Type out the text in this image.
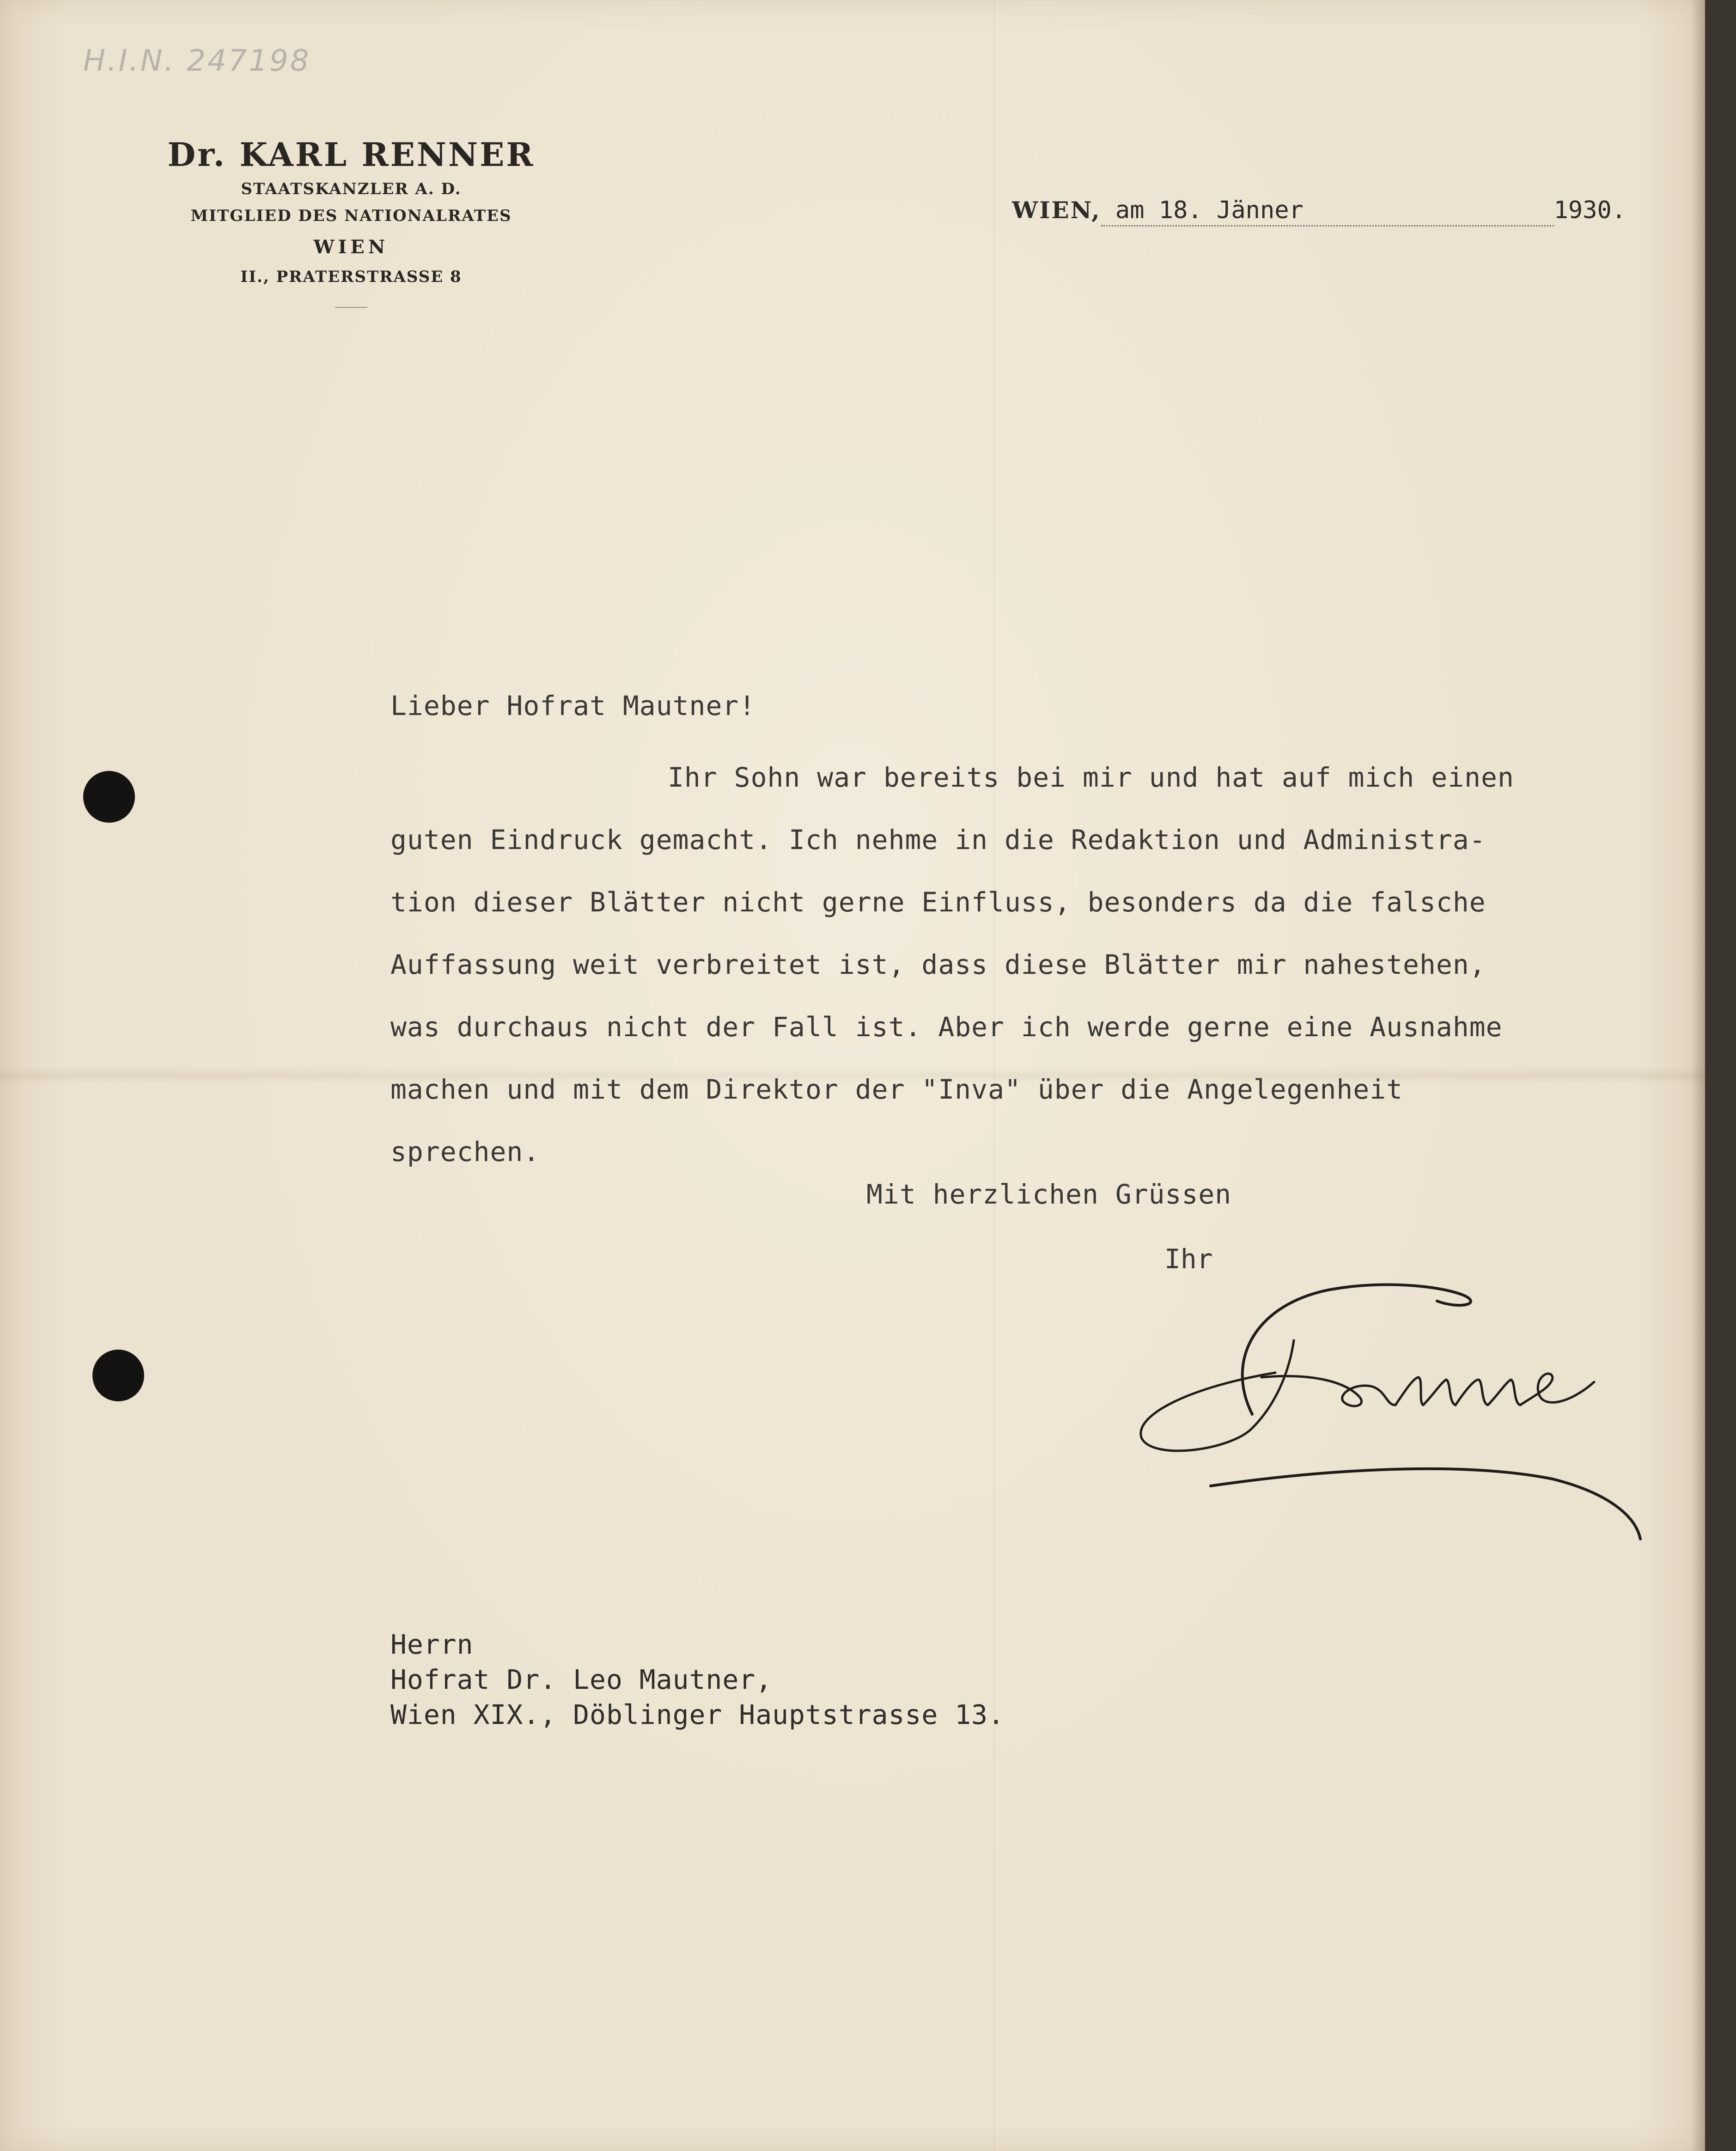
H.I.N. 247198
Dr. KARL RENNER
STAATSKANZLER A. D.
MITGLIED DES NATIONALRATES
WIEN
II., PRATERSTRASSE 8
WIEN, am 18. Jänner	1930.
Lieber Hofrat Mautner!

Ihr Sohn war bereits bei mir und hat auf mich einen

guten Eindruck gemacht. Ich nehme in die Redaktion und Administra-

tion dieser Blätter nicht gerne Einfluss, besonders da die falsche

Auffassung weit verbreitet ist, dass diese Blätter mir nahestehen,

was durchaus nicht der Fall ist. Aber ich werde gerne eine Ausnahme

machen und mit dem Direktor der "Inva" über die Angelegenheit

sprechen.

Mit herzlichen Grüssen
Ihr
Herrn
Hofrat Dr. Leo Mautner,
Wien XIX., Döblinger Hauptstrasse 13.
